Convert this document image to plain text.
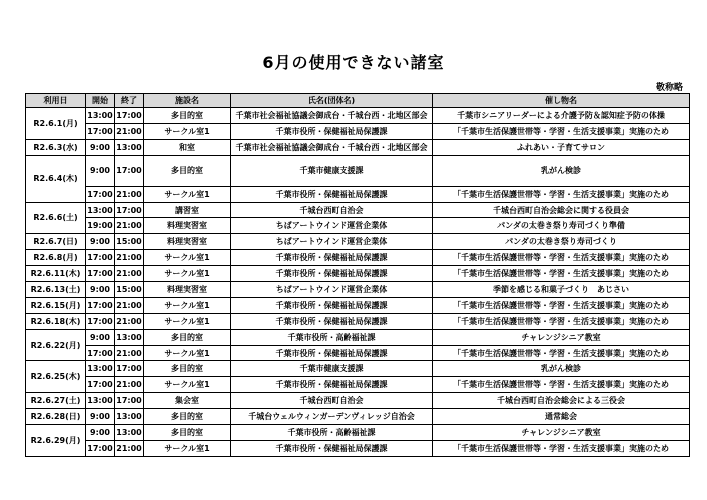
6月の使用できない諸室
敬称略
利用日	開始	終了	施設名	氏名(団体名)	催し物名
R2.6.1(月)	13:00	17:00	多目的室	千葉市社会福祉協議会御成台・千城台西・北地区部会	千葉市シニアリーダーによる介護予防＆認知症予防の体操
	17:00	21:00	サークル室1	千葉市役所・保健福祉局保護課	「千葉市生活保護世帯等・学習・生活支援事業」実施のため
R2.6.3(水)	9:00	13:00	和室	千葉市社会福祉協議会御成台・千城台西・北地区部会	ふれあい・子育てサロン
R2.6.4(木)	9:00	17:00	多目的室	千葉市健康支援課	乳がん検診
	17:00	21:00	サークル室1	千葉市役所・保健福祉局保護課	「千葉市生活保護世帯等・学習・生活支援事業」実施のため
R2.6.6(土)	13:00	17:00	講習室	千城台西町自治会	千城台西町自治会総会に関する役員会
	19:00	21:00	料理実習室	ちばアートウインド運営企業体	パンダの太巻き祭り寿司づくり準備
R2.6.7(日)	9:00	15:00	料理実習室	ちばアートウインド運営企業体	パンダの太巻き祭り寿司づくり
R2.6.8(月)	17:00	21:00	サークル室1	千葉市役所・保健福祉局保護課	「千葉市生活保護世帯等・学習・生活支援事業」実施のため
R2.6.11(木)	17:00	21:00	サークル室1	千葉市役所・保健福祉局保護課	「千葉市生活保護世帯等・学習・生活支援事業」実施のため
R2.6.13(土)	9:00	15:00	料理実習室	ちばアートウインド運営企業体	季節を感じる和菓子づくり　あじさい
R2.6.15(月)	17:00	21:00	サークル室1	千葉市役所・保健福祉局保護課	「千葉市生活保護世帯等・学習・生活支援事業」実施のため
R2.6.18(木)	17:00	21:00	サークル室1	千葉市役所・保健福祉局保護課	「千葉市生活保護世帯等・学習・生活支援事業」実施のため
R2.6.22(月)	9:00	13:00	多目的室	千葉市役所・高齢福祉課	チャレンジシニア教室
	17:00	21:00	サークル室1	千葉市役所・保健福祉局保護課	「千葉市生活保護世帯等・学習・生活支援事業」実施のため
R2.6.25(木)	13:00	17:00	多目的室	千葉市健康支援課	乳がん検診
	17:00	21:00	サークル室1	千葉市役所・保健福祉局保護課	「千葉市生活保護世帯等・学習・生活支援事業」実施のため
R2.6.27(土)	13:00	17:00	集会室	千城台西町自治会	千城台西町自治会総会による三役会
R2.6.28(日)	9:00	13:00	多目的室	千城台ウェルウィンガーデンヴィレッジ自治会	通常総会
R2.6.29(月)	9:00	13:00	多目的室	千葉市役所・高齢福祉課	チャレンジシニア教室
	17:00	21:00	サークル室1	千葉市役所・保健福祉局保護課	「千葉市生活保護世帯等・学習・生活支援事業」実施のため
